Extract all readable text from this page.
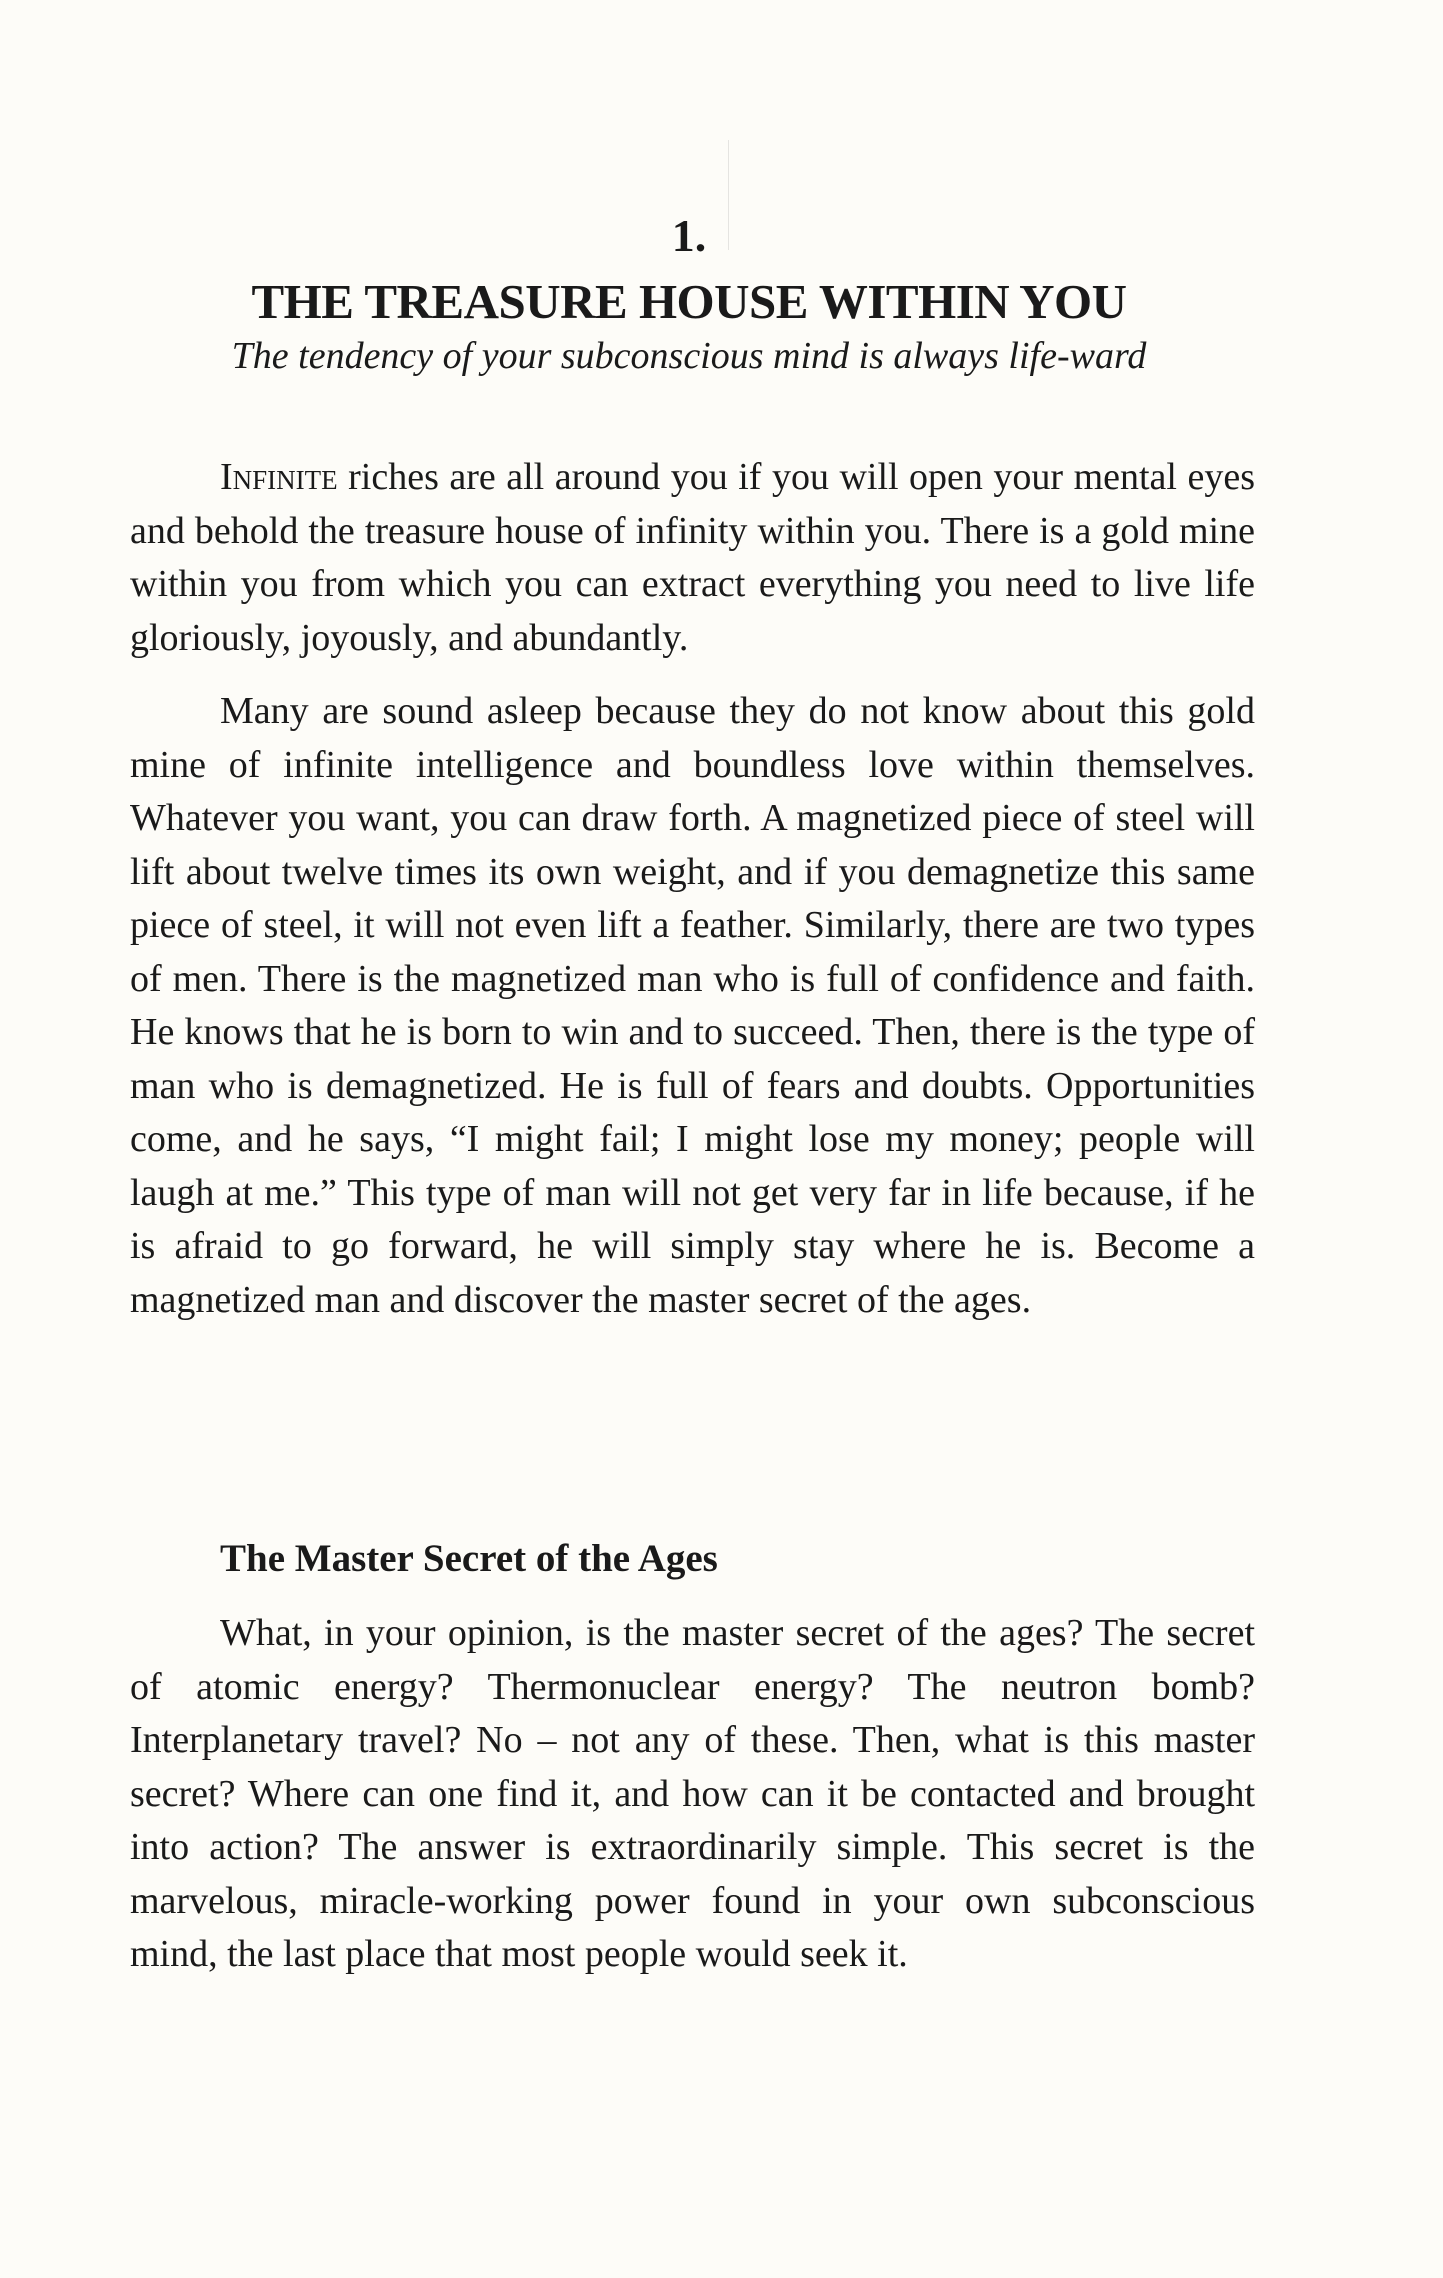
1.
THE TREASURE HOUSE WITHIN YOU
The tendency of your subconscious mind is always life-ward

Infinite riches are all around you if you will open your mental eyes and behold the treasure house of infinity within you. There is a gold mine within you from which you can extract everything you need to live life gloriously, joyously, and abundantly.

Many are sound asleep because they do not know about this gold mine of infinite intelligence and boundless love within themselves. Whatever you want, you can draw forth. A magnetized piece of steel will lift about twelve times its own weight, and if you demagnetize this same piece of steel, it will not even lift a feather. Similarly, there are two types of men. There is the magnetized man who is full of confidence and faith. He knows that he is born to win and to succeed. Then, there is the type of man who is demagnetized. He is full of fears and doubts. Opportunities come, and he says, “I might fail; I might lose my money; people will laugh at me.” This type of man will not get very far in life because, if he is afraid to go forward, he will simply stay where he is. Become a magnetized man and discover the master secret of the ages.

The Master Secret of the Ages

What, in your opinion, is the master secret of the ages? The secret of atomic energy? Thermonuclear energy? The neutron bomb? Interplanetary travel? No – not any of these. Then, what is this master secret? Where can one find it, and how can it be contacted and brought into action? The answer is extraordinarily simple. This secret is the marvelous, miracle-working power found in your own subconscious mind, the last place that most people would seek it.
